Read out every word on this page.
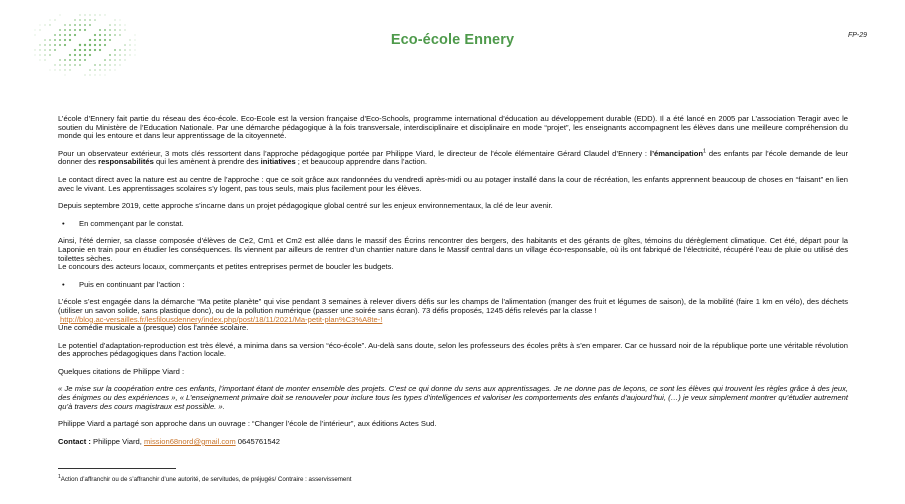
Eco-école Ennery	FP-29

L’école d’Ennery fait partie du réseau des éco-école. Eco-Ecole est la version française d’Eco-Schools, programme international d’éducation au développement durable (EDD). Il a été lancé en 2005 par L’association Teragir avec le soutien du Ministère de l’Education Nationale. Par une démarche pédagogique à la fois transversale, interdisciplinaire et disciplinaire en mode “projet”, les enseignants accompagnent les élèves dans une meilleure compréhension du monde qui les entoure et dans leur apprentissage de la citoyenneté.

Pour un observateur extérieur, 3 mots clés ressortent dans l’approche pédagogique portée par Philippe Viard, le directeur de l’école élémentaire Gérard Claudel d’Ennery : l’émancipation$^1$ des enfants par l’école demande de leur donner des responsabilités qui les amènent à prendre des initiatives ; et beaucoup apprendre dans l’action.

Le contact direct avec la nature est au centre de l’approche : que ce soit grâce aux randonnées du vendredi après-midi ou au potager installé dans la cour de récréation, les enfants apprennent beaucoup de choses en “faisant” en lien avec le vivant. Les apprentissages scolaires s’y logent, pas tous seuls, mais plus facilement pour les élèves.

Depuis septembre 2019, cette approche s’incarne dans un projet pédagogique global centré sur les enjeux environnementaux, la clé de leur avenir.

• En commençant par le constat.

Ainsi, l’été dernier, sa classe composée d’élèves de Ce2, Cm1 et Cm2 est allée dans le massif des Écrins rencontrer des bergers, des habitants et des gérants de gîtes, témoins du dérèglement climatique. Cet été, départ pour la Laponie en train pour en étudier les conséquences. Ils viennent par ailleurs de rentrer d’un chantier nature dans le Massif central dans un village éco-responsable, où ils ont fabriqué de l’électricité, récupéré l’eau de pluie ou utilisé des toilettes sèches.

Le concours des acteurs locaux, commerçants et petites entreprises permet de boucler les budgets.

• Puis en continuant par l’action :

L’école s’est engagée dans la démarche “Ma petite planète” qui vise pendant 3 semaines à relever divers défis sur les champs de l’alimentation (manger des fruit et légumes de saison), de la mobilité (faire 1 km en vélo), des déchets (utiliser un savon solide, sans plastique donc), ou de la pollution numérique (passer une soirée sans écran). 73 défis proposés, 1245 défis relevés par la classe !

http://blog.ac-versailles.fr/lesfilousdennery/index.php/post/18/11/2021/Ma-petit-plan%C3%A8te-!

Une comédie musicale a (presque) clos l’année scolaire.

Le potentiel d’adaptation-reproduction est très élevé, a minima dans sa version “éco-école”. Au-delà sans doute, selon les professeurs des écoles prêts à s’en emparer. Car ce hussard noir de la république porte une véritable révolution des approches pédagogiques dans l’action locale.

Quelques citations de Philippe Viard :

« Je mise sur la coopération entre ces enfants, l’important étant de monter ensemble des projets. C’est ce qui donne du sens aux apprentissages. Je ne donne pas de leçons, ce sont les élèves qui trouvent les règles grâce à des jeux, des énigmes ou des expériences », « L’enseignement primaire doit se renouveler pour inclure tous les types d’intelligences et valoriser les comportements des enfants d’aujourd’hui, (…) je veux simplement montrer qu’étudier autrement qu’à travers des cours magistraux est possible. ».

Philippe Viard a partagé son approche dans un ouvrage : “Changer l’école de l’intérieur”, aux éditions Actes Sud.

Contact : Philippe Viard, mission68nord@gmail.com 0645761542

$^1$Action d’affranchir ou de s’affranchir d’une autorité, de servitudes, de préjugés/ Contraire : asservissement
